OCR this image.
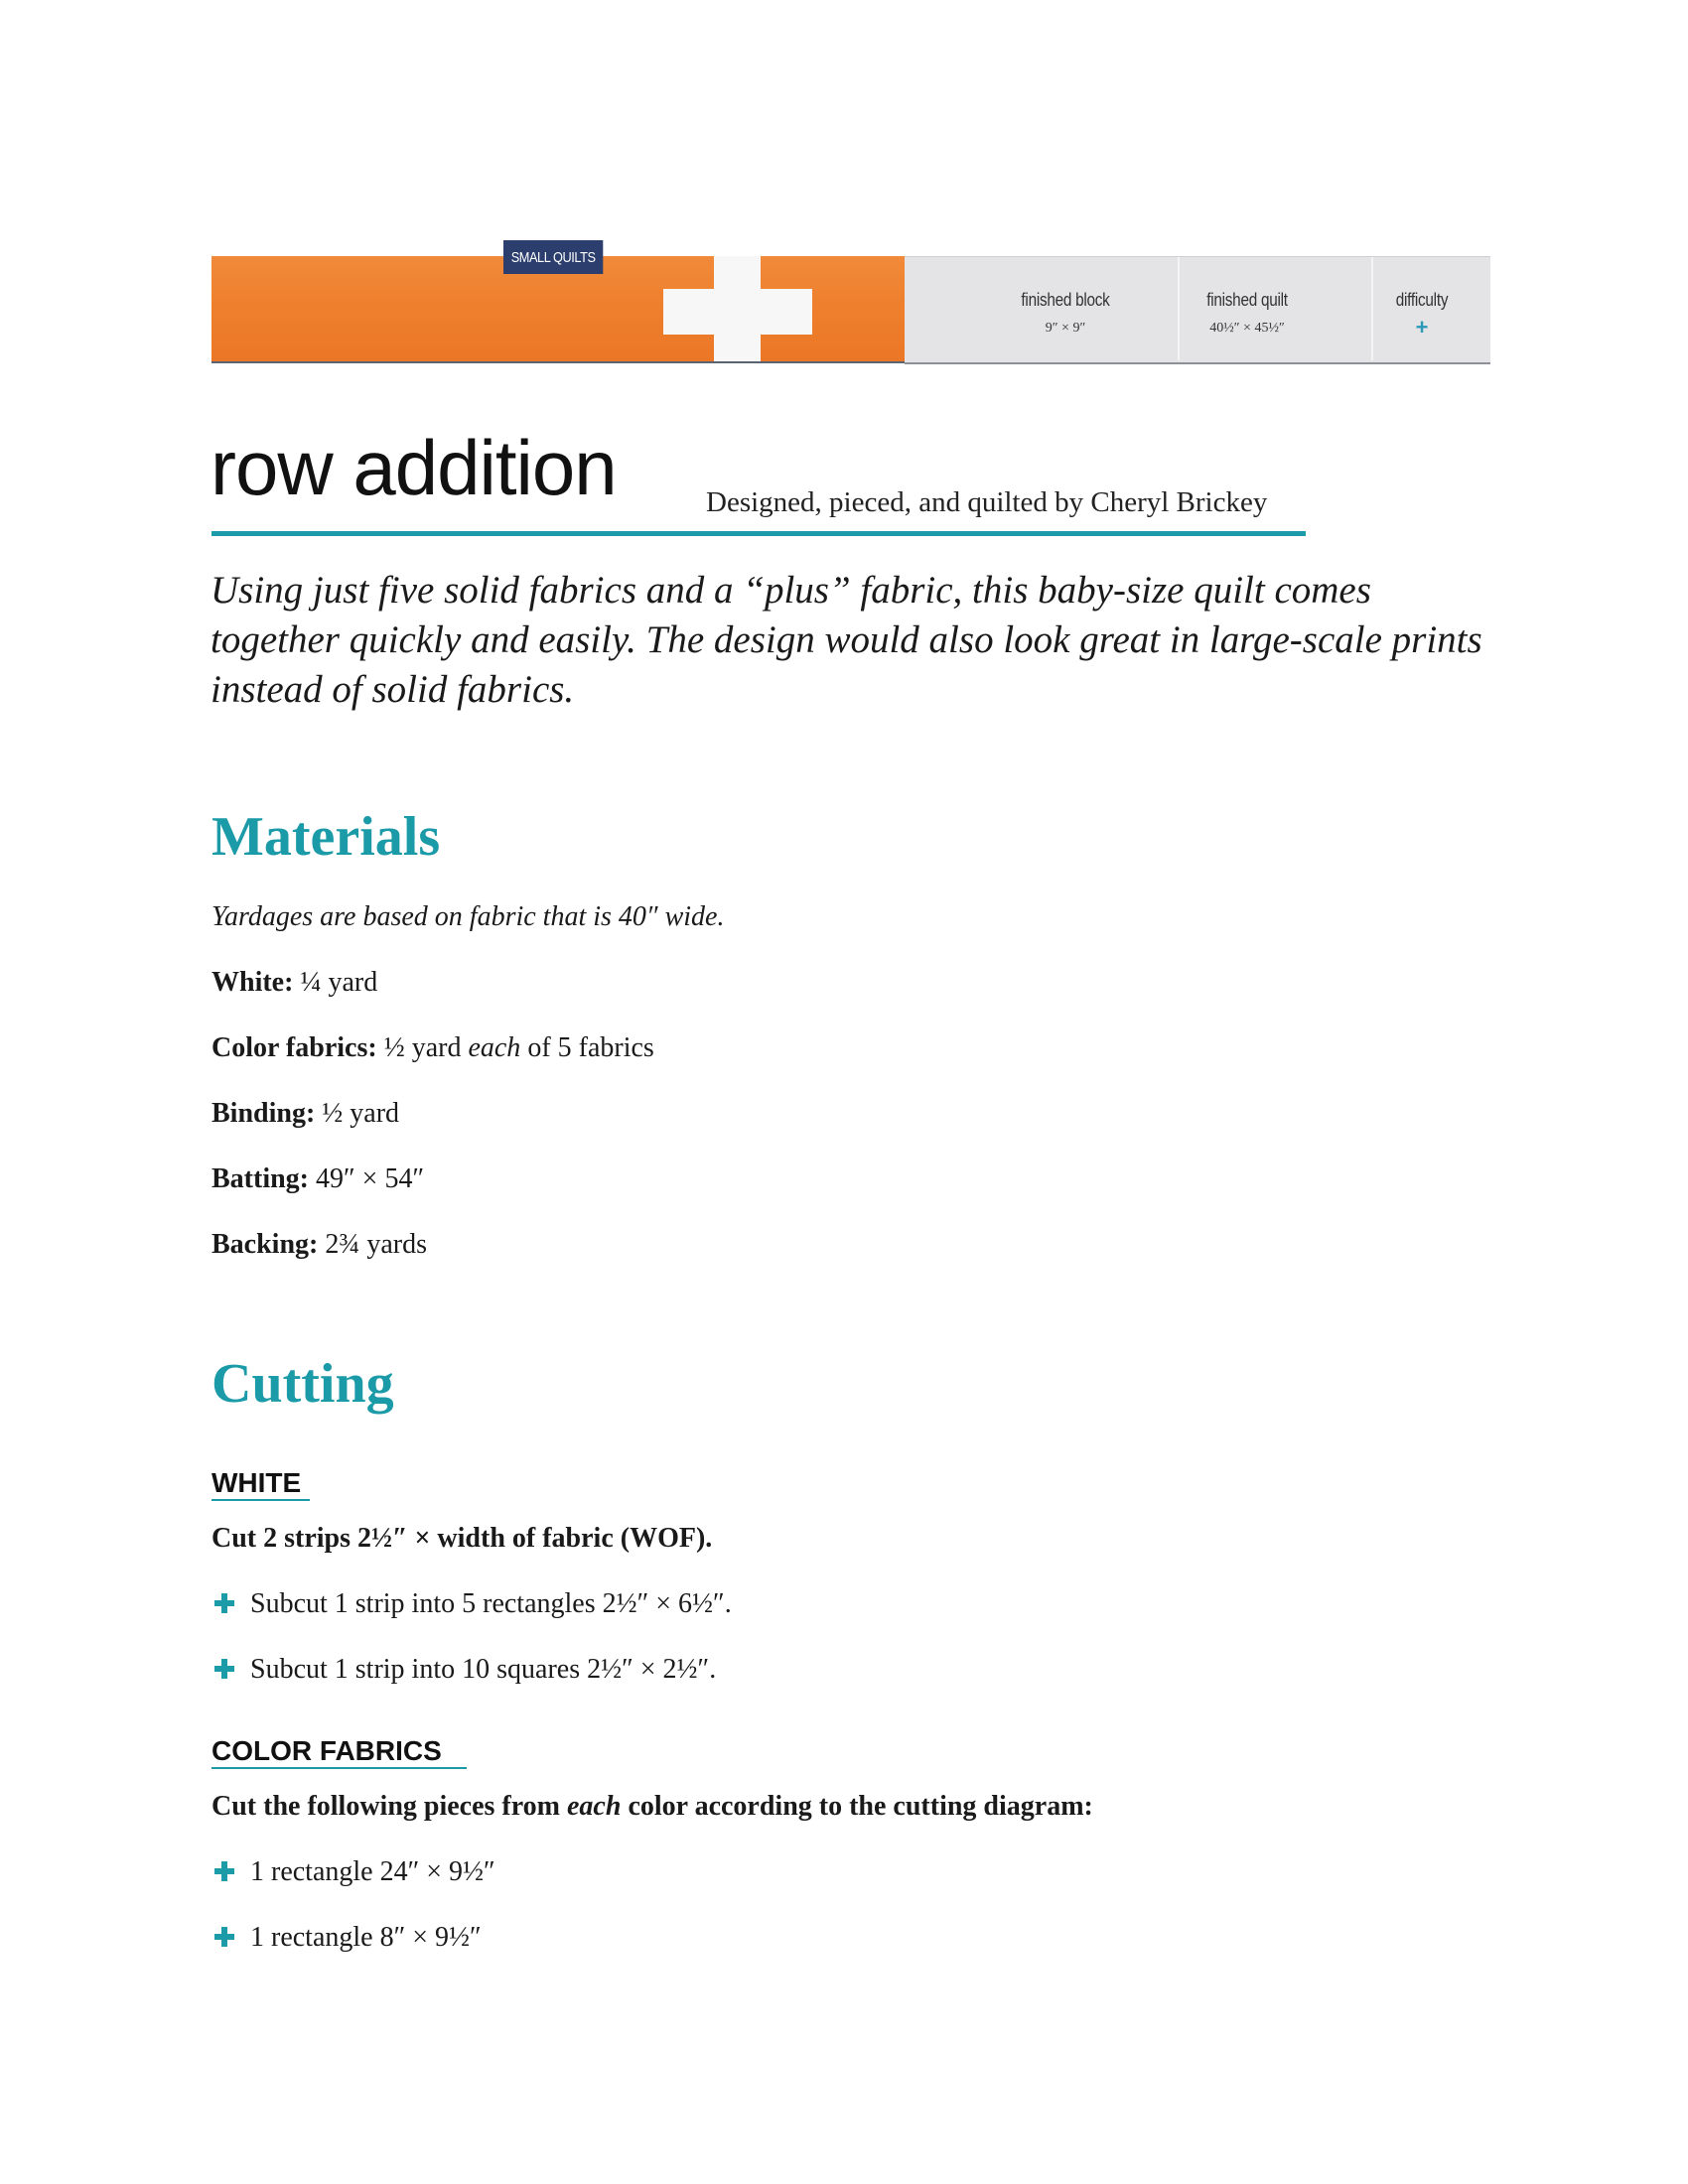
finished block
9″ × 9″
finished quilt
40½″ × 45½″
difficulty
+
SMALL QUILTS
row addition	Designed, pieced, and quilted by Cheryl Brickey
Using just five solid fabrics and a “plus” fabric, this baby-size quilt comes together quickly and easily. The design would also look great in large-scale prints instead of solid fabrics.
Materials
Yardages are based on fabric that is 40″ wide.
White: ¼ yard
Color fabrics: ½ yard each of 5 fabrics
Binding: ½ yard
Batting: 49″ × 54″
Backing: 2¾ yards
Cutting
WHITE
Cut 2 strips 2½″ × width of fabric (WOF).
Subcut 1 strip into 5 rectangles 2½″ × 6½″.
Subcut 1 strip into 10 squares 2½″ × 2½″.
COLOR FABRICS
Cut the following pieces from each color according to the cutting diagram:
1 rectangle 24″ × 9½″
1 rectangle 8″ × 9½″
